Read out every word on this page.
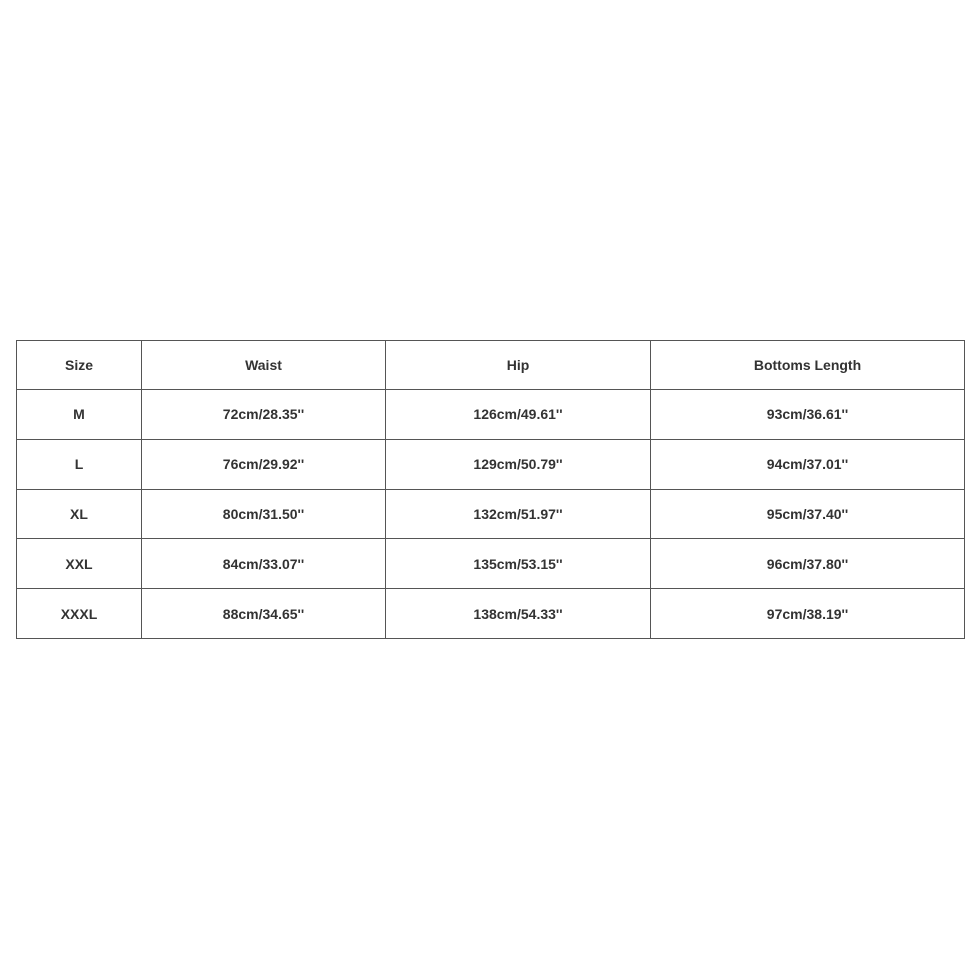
Size	Waist	Hip	Bottoms Length
M	72cm/28.35''	126cm/49.61''	93cm/36.61''
L	76cm/29.92''	129cm/50.79''	94cm/37.01''
XL	80cm/31.50''	132cm/51.97''	95cm/37.40''
XXL	84cm/33.07''	135cm/53.15''	96cm/37.80''
XXXL	88cm/34.65''	138cm/54.33''	97cm/38.19''
